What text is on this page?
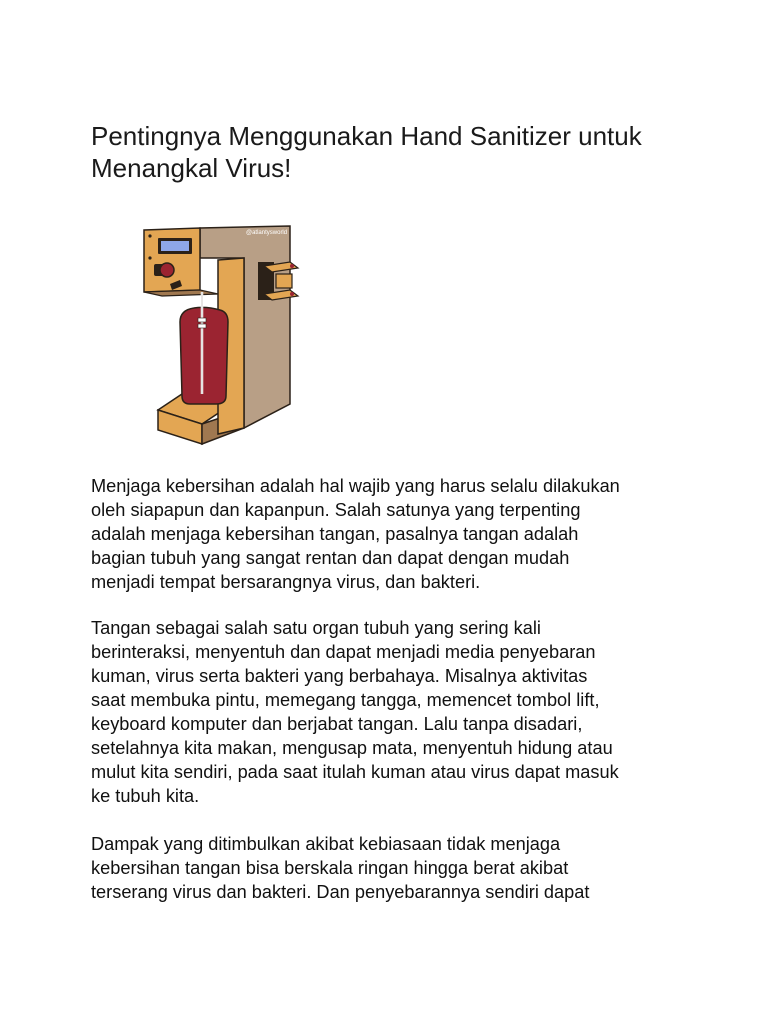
Pentingnya Menggunakan Hand Sanitizer untuk
Menangkal Virus!
@atlantysworld

Menjaga kebersihan adalah hal wajib yang harus selalu dilakukan
oleh siapapun dan kapanpun. Salah satunya yang terpenting
adalah menjaga kebersihan tangan, pasalnya tangan adalah
bagian tubuh yang sangat rentan dan dapat dengan mudah
menjadi tempat bersarangnya virus, dan bakteri.

Tangan sebagai salah satu organ tubuh yang sering kali
berinteraksi, menyentuh dan dapat menjadi media penyebaran
kuman, virus serta bakteri yang berbahaya. Misalnya aktivitas
saat membuka pintu, memegang tangga, memencet tombol lift,
keyboard komputer dan berjabat tangan. Lalu tanpa disadari,
setelahnya kita makan, mengusap mata, menyentuh hidung atau
mulut kita sendiri, pada saat itulah kuman atau virus dapat masuk
ke tubuh kita.

Dampak yang ditimbulkan akibat kebiasaan tidak menjaga
kebersihan tangan bisa berskala ringan hingga berat akibat
terserang virus dan bakteri. Dan penyebarannya sendiri dapat
